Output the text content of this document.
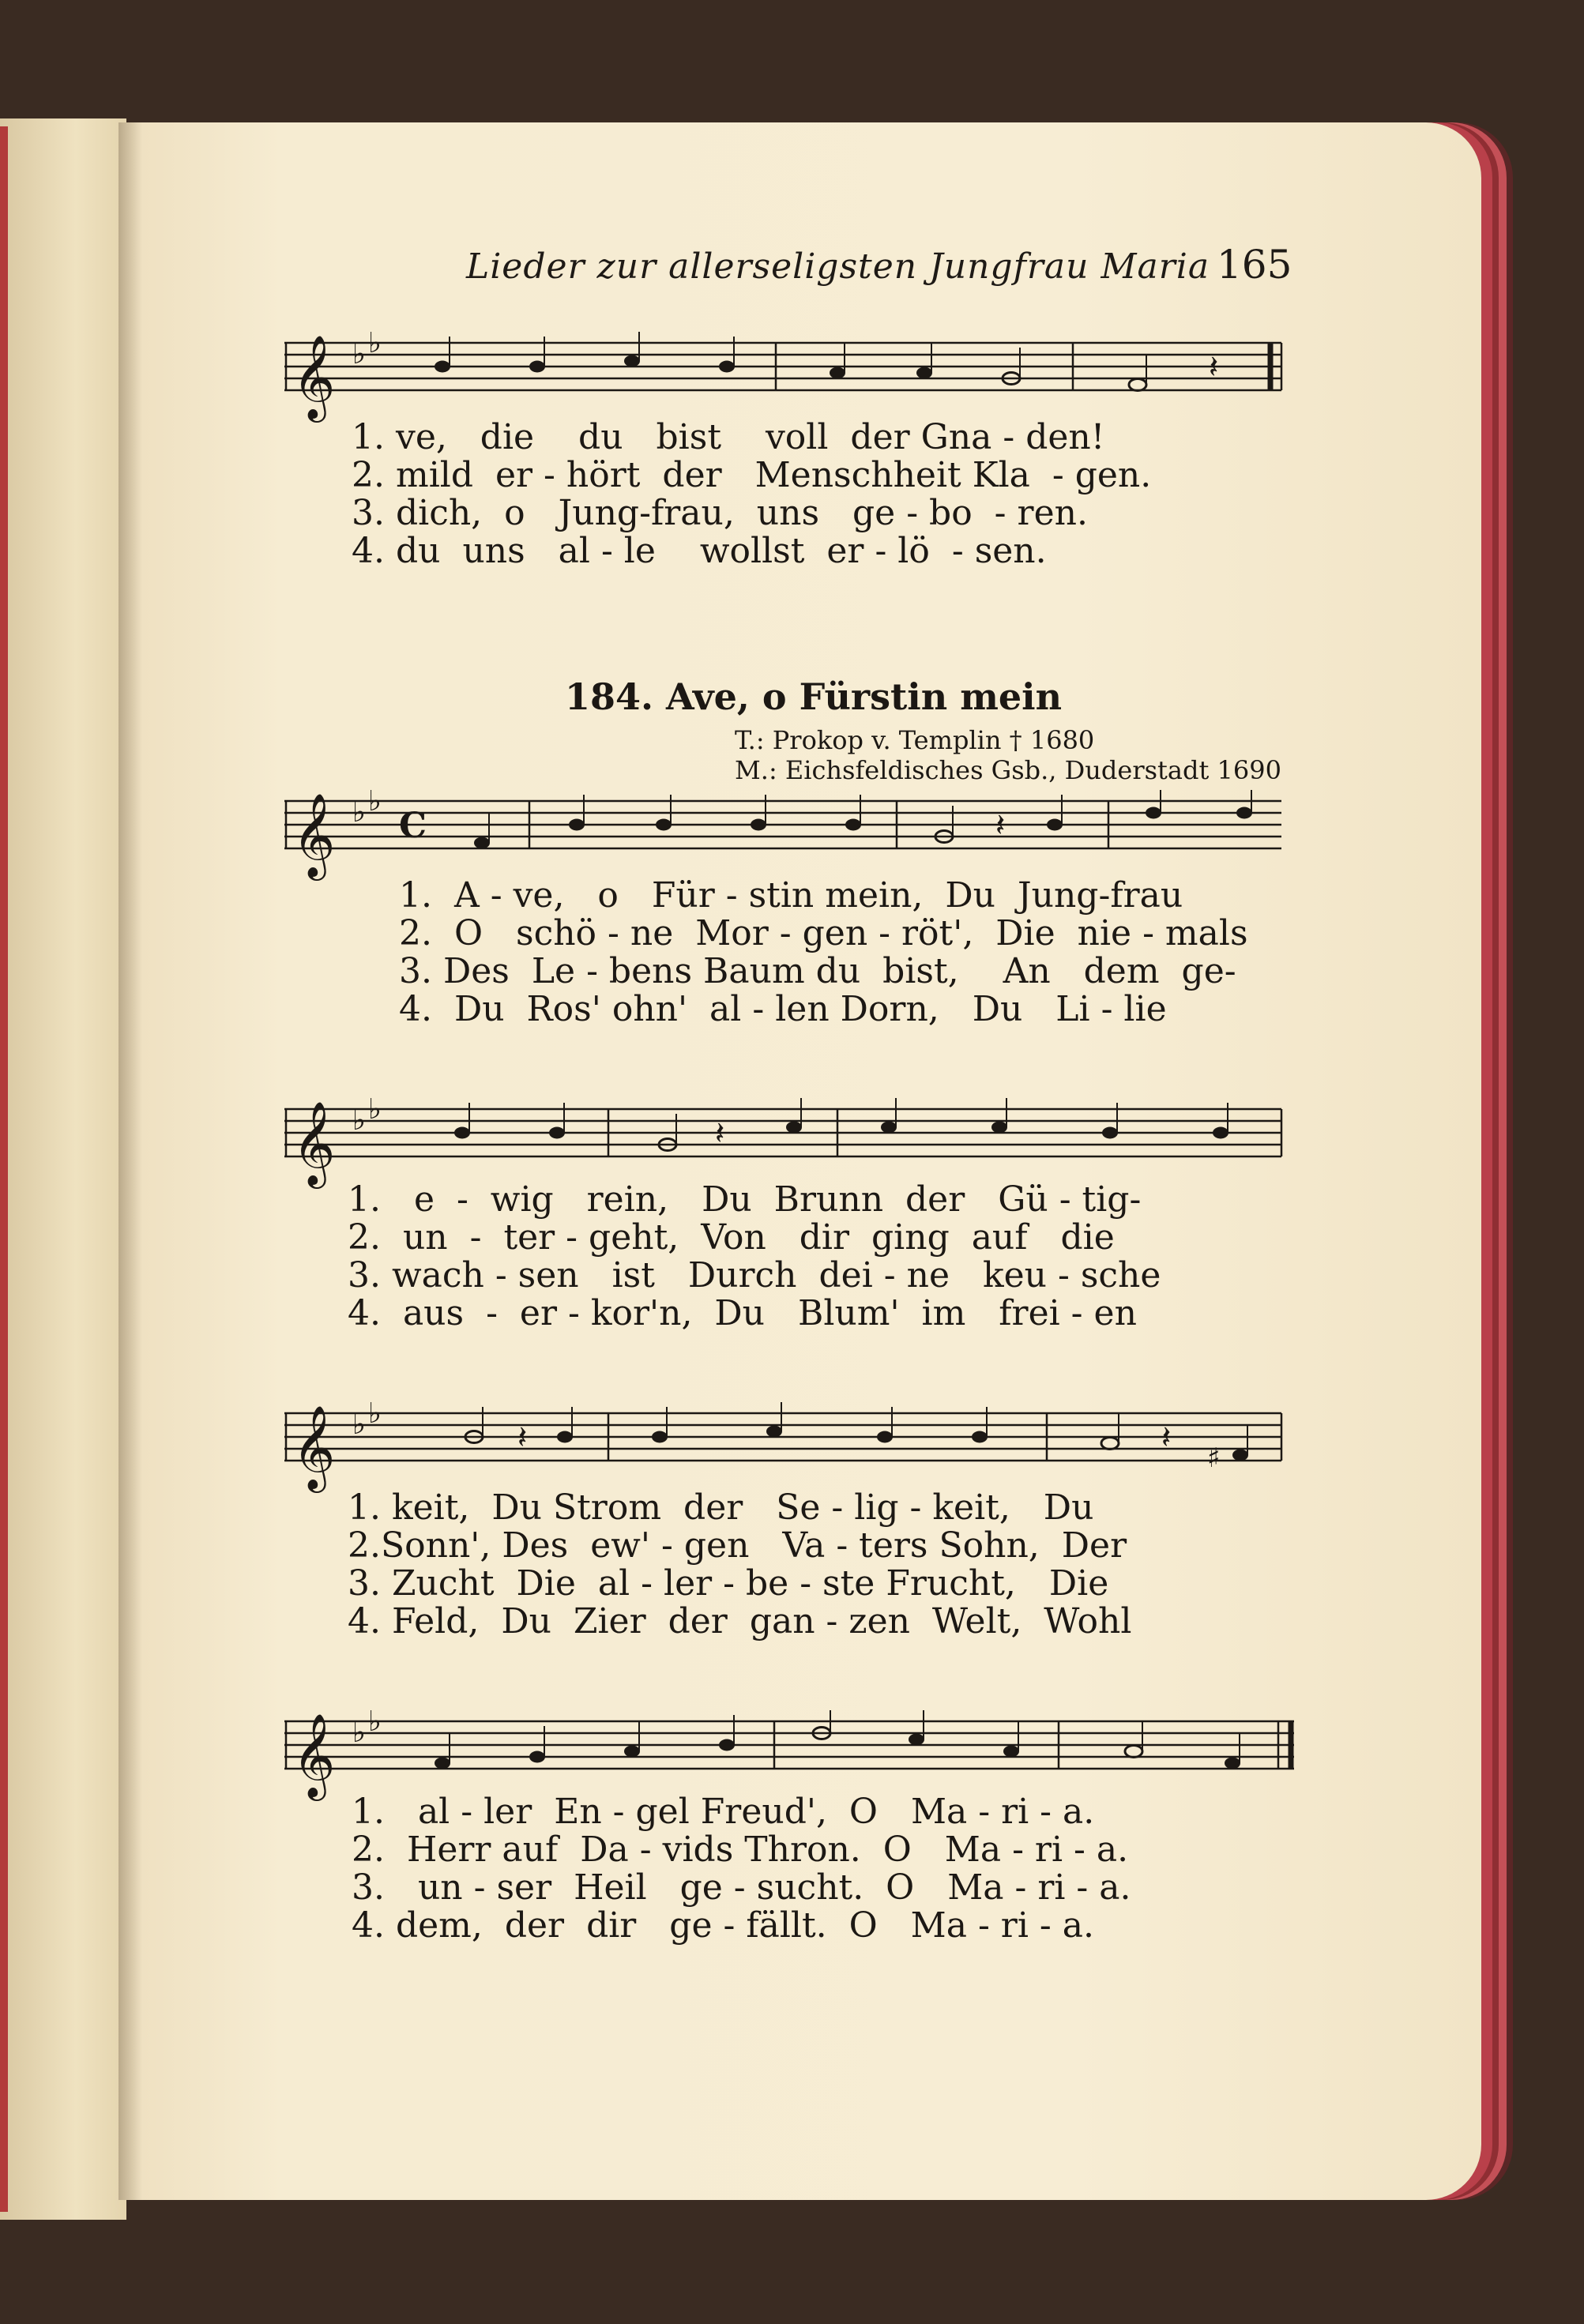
Lieder zur allerseligsten Jungfrau Maria 165
𝄞 ♭ ♭
𝄽
1. ve,   die    du   bist    voll  der Gna - den!
2. mild  er - hört  der   Menschheit Kla  - gen.
3. dich,  o   Jung-frau,  uns   ge - bo  - ren.
4. du  uns   al - le    wollst  er - lö  - sen.
184. Ave, o Fürstin mein
T.: Prokop v. Templin † 1680
M.: Eichsfeldisches Gsb., Duderstadt 1690
𝄞 ♭ ♭
C	𝄽
1.  A - ve,   o   Für - stin mein,  Du  Jung-frau
2.  O   schö - ne  Mor - gen - röt',  Die  nie - mals
3. Des  Le - bens Baum du  bist,    An   dem  ge-
4.  Du  Ros' ohn'  al - len Dorn,   Du   Li - lie
𝄞 ♭ ♭
𝄽
1.   e  -  wig   rein,   Du  Brunn  der   Gü - tig-
2.  un  -  ter - geht,  Von   dir  ging  auf   die
3. wach - sen   ist   Durch  dei - ne   keu - sche
4.  aus  -  er - kor'n,  Du   Blum'  im   frei - en
𝄞 ♭ ♭
𝄽	𝄽
♯
1. keit,  Du Strom  der   Se - lig - keit,   Du
2.Sonn', Des  ew' - gen   Va - ters Sohn,  Der
3. Zucht  Die  al - ler - be - ste Frucht,   Die
4. Feld,  Du  Zier  der  gan - zen  Welt,  Wohl
𝄞 ♭ ♭
1.   al - ler  En - gel Freud',  O   Ma - ri - a.
2.  Herr auf  Da - vids Thron.  O   Ma - ri - a.
3.   un - ser  Heil   ge - sucht.  O   Ma - ri - a.
4. dem,  der  dir   ge - fällt.  O   Ma - ri - a.
